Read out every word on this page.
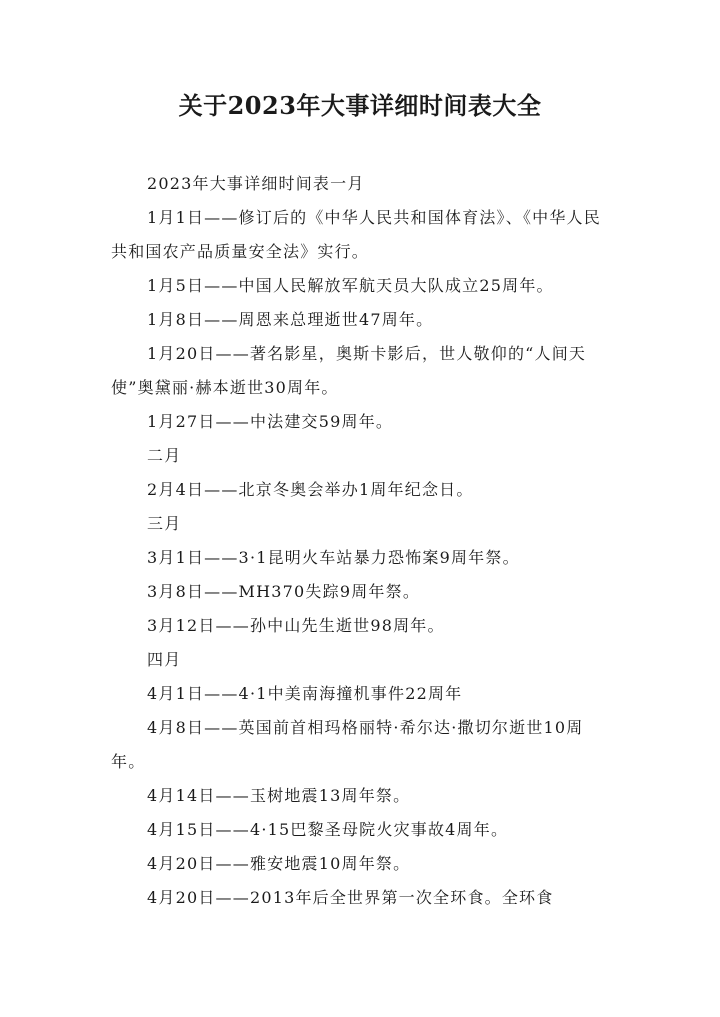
关于2023年大事详细时间表大全

2023年大事详细时间表一月

1月1日——修订后的《中华人民共和国体育法》、《中华人民共和国农产品质量安全法》实行。

1月5日——中国人民解放军航天员大队成立25周年。

1月8日——周恩来总理逝世47周年。

1月20日——著名影星，奥斯卡影后，世人敬仰的“人间天使”奥黛丽·赫本逝世30周年。

1月27日——中法建交59周年。

二月

2月4日——北京冬奥会举办1周年纪念日。

三月

3月1日——3·1昆明火车站暴力恐怖案9周年祭。

3月8日——MH370失踪9周年祭。

3月12日——孙中山先生逝世98周年。

四月

4月1日——4·1中美南海撞机事件22周年

4月8日——英国前首相玛格丽特·希尔达·撒切尔逝世10周年。

4月14日——玉树地震13周年祭。

4月15日——4·15巴黎圣母院火灾事故4周年。

4月20日——雅安地震10周年祭。

4月20日——2013年后全世界第一次全环食。全环食
